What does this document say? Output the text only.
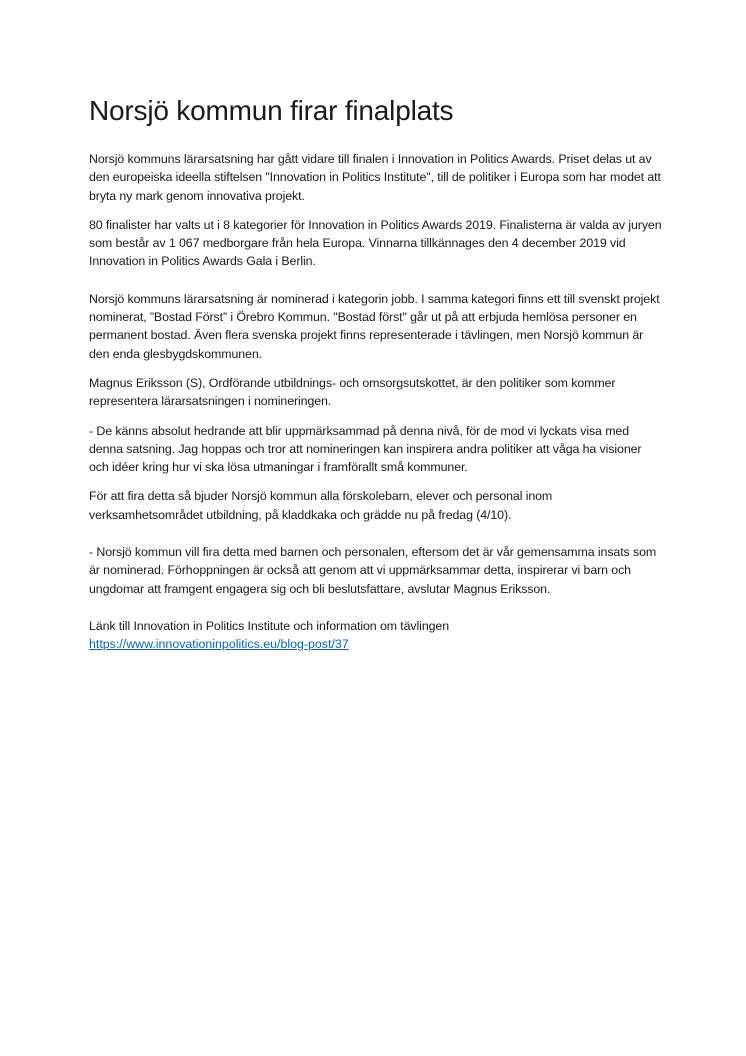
Norsjö kommun firar finalplats

Norsjö kommuns lärarsatsning har gått vidare till finalen i Innovation in Politics Awards. Priset delas ut av den europeiska ideella stiftelsen "Innovation in Politics Institute", till de politiker i Europa som har modet att bryta ny mark genom innovativa projekt.

80 finalister har valts ut i 8 kategorier för Innovation in Politics Awards 2019. Finalisterna är valda av juryen som består av 1 067 medborgare från hela Europa. Vinnarna tillkännages den 4 december 2019 vid Innovation in Politics Awards Gala i Berlin.

Norsjö kommuns lärarsatsning är nominerad i kategorin jobb. I samma kategori finns ett till svenskt projekt nominerat, ”Bostad Först” i Örebro Kommun. "Bostad först" går ut på att erbjuda hemlösa personer en permanent bostad. Även flera svenska projekt finns representerade i tävlingen, men Norsjö kommun är den enda glesbygdskommunen.

Magnus Eriksson (S), Ordförande utbildnings- och omsorgsutskottet, är den politiker som kommer representera lärarsatsningen i nomineringen.

- De känns absolut hedrande att blir uppmärksammad på denna nivå, för de mod vi lyckats visa med denna satsning. Jag hoppas och tror att nomineringen kan inspirera andra politiker att våga ha visioner och idéer kring hur vi ska lösa utmaningar i framförallt små kommuner.

För att fira detta så bjuder Norsjö kommun alla förskolebarn, elever och personal inom verksamhetsområdet utbildning, på kladdkaka och grädde nu på fredag (4/10).

- Norsjö kommun vill fira detta med barnen och personalen, eftersom det är vår gemensamma insats som är nominerad. Förhoppningen är också att genom att vi uppmärksammar detta, inspirerar vi barn och ungdomar att framgent engagera sig och bli beslutsfattare, avslutar Magnus Eriksson.

Länk till Innovation in Politics Institute och information om tävlingen

https://www.innovationinpolitics.eu/blog-post/37
